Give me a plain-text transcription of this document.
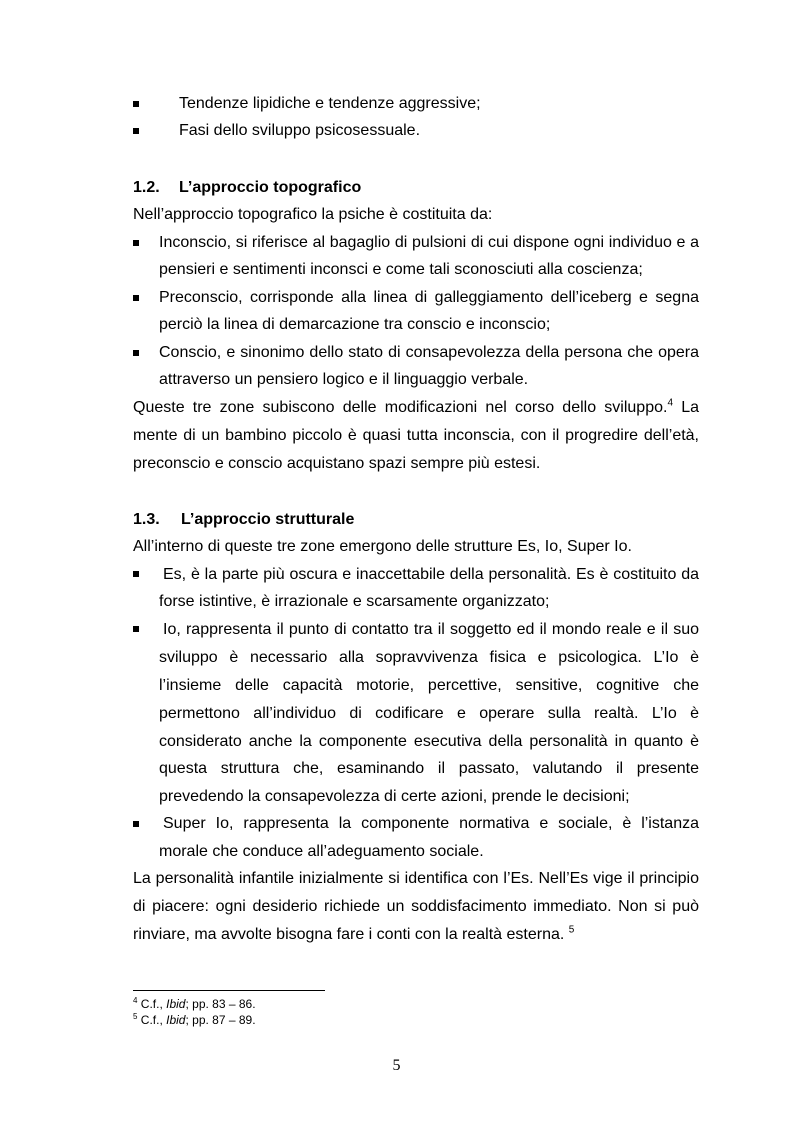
Tendenze lipidiche e tendenze aggressive;
Fasi dello sviluppo psicosessuale.
1.2. L’approccio topografico
Nell’approccio topografico la psiche è costituita da:
Inconscio, si riferisce al bagaglio di pulsioni di cui dispone ogni individuo e a
pensieri e sentimenti inconsci e come tali sconosciuti alla coscienza;
Preconscio, corrisponde alla linea di galleggiamento dell’iceberg e segna
perciò la linea di demarcazione tra conscio e inconscio;
Conscio, e sinonimo dello stato di consapevolezza della persona che opera
attraverso un pensiero logico e il linguaggio verbale.
Queste tre zone subiscono delle modificazioni nel corso dello sviluppo.$^4$ La
mente di un bambino piccolo è quasi tutta inconscia, con il progredire dell’età,
preconscio e conscio acquistano spazi sempre più estesi.
1.3. L’approccio strutturale
All’interno di queste tre zone emergono delle strutture Es, Io, Super Io.
Es, è la parte più oscura e inaccettabile della personalità. Es è costituito da
forse istintive, è irrazionale e scarsamente organizzato;
Io, rappresenta il punto di contatto tra il soggetto ed il mondo reale e il suo
sviluppo è necessario alla sopravvivenza fisica e psicologica. L’Io è
l’insieme delle capacità motorie, percettive, sensitive, cognitive che
permettono all’individuo di codificare e operare sulla realtà. L’Io è
considerato anche la componente esecutiva della personalità in quanto è
questa struttura che, esaminando il passato, valutando il presente
prevedendo la consapevolezza di certe azioni, prende le decisioni;
Super Io, rappresenta la componente normativa e sociale, è l’istanza
morale che conduce all’adeguamento sociale.
La personalità infantile inizialmente si identifica con l’Es. Nell’Es vige il principio
di piacere: ogni desiderio richiede un soddisfacimento immediato. Non si può
rinviare, ma avvolte bisogna fare i conti con la realtà esterna. $^5$
$^4$ C.f., Ibid; pp. 83 – 86.
$^5$ C.f., Ibid; pp. 87 – 89.
5
